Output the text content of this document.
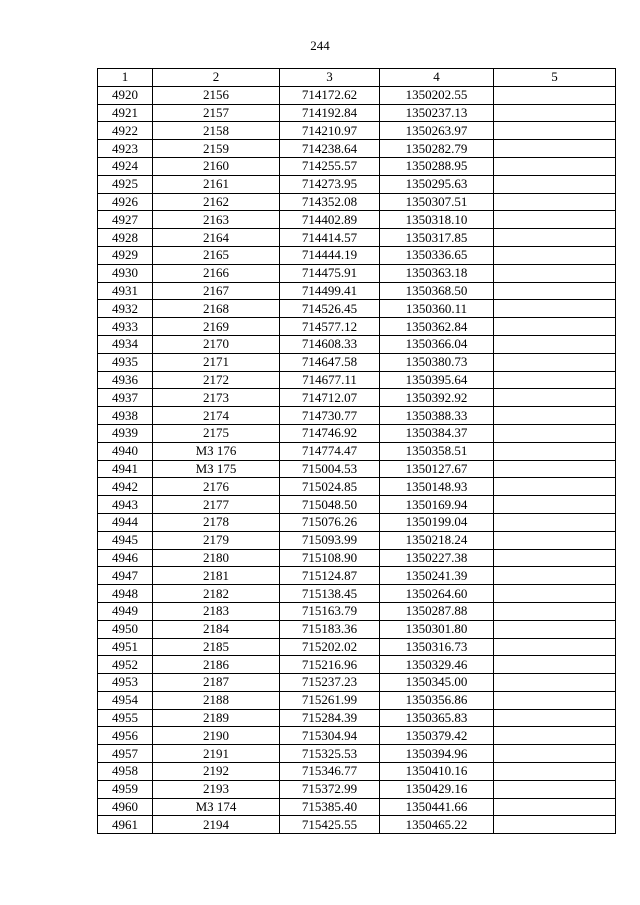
244
1	2	3	4	5
4920	2156	714172.62	1350202.55	
4921	2157	714192.84	1350237.13	
4922	2158	714210.97	1350263.97	
4923	2159	714238.64	1350282.79	
4924	2160	714255.57	1350288.95	
4925	2161	714273.95	1350295.63	
4926	2162	714352.08	1350307.51	
4927	2163	714402.89	1350318.10	
4928	2164	714414.57	1350317.85	
4929	2165	714444.19	1350336.65	
4930	2166	714475.91	1350363.18	
4931	2167	714499.41	1350368.50	
4932	2168	714526.45	1350360.11	
4933	2169	714577.12	1350362.84	
4934	2170	714608.33	1350366.04	
4935	2171	714647.58	1350380.73	
4936	2172	714677.11	1350395.64	
4937	2173	714712.07	1350392.92	
4938	2174	714730.77	1350388.33	
4939	2175	714746.92	1350384.37	
4940	МЗ 176	714774.47	1350358.51	
4941	МЗ 175	715004.53	1350127.67	
4942	2176	715024.85	1350148.93	
4943	2177	715048.50	1350169.94	
4944	2178	715076.26	1350199.04	
4945	2179	715093.99	1350218.24	
4946	2180	715108.90	1350227.38	
4947	2181	715124.87	1350241.39	
4948	2182	715138.45	1350264.60	
4949	2183	715163.79	1350287.88	
4950	2184	715183.36	1350301.80	
4951	2185	715202.02	1350316.73	
4952	2186	715216.96	1350329.46	
4953	2187	715237.23	1350345.00	
4954	2188	715261.99	1350356.86	
4955	2189	715284.39	1350365.83	
4956	2190	715304.94	1350379.42	
4957	2191	715325.53	1350394.96	
4958	2192	715346.77	1350410.16	
4959	2193	715372.99	1350429.16	
4960	МЗ 174	715385.40	1350441.66	
4961	2194	715425.55	1350465.22	
